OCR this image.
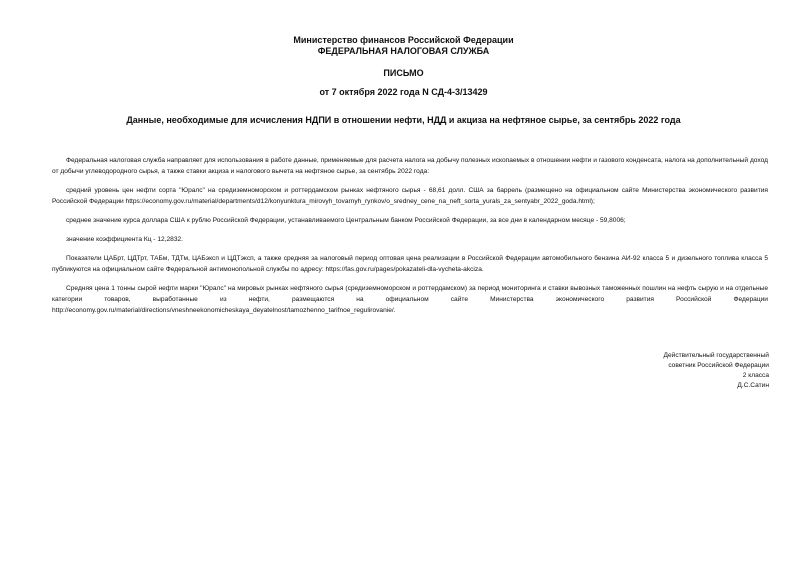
Министерство финансов Российской Федерации
ФЕДЕРАЛЬНАЯ НАЛОГОВАЯ СЛУЖБА
ПИСЬМО
от 7 октября 2022 года N СД-4-3/13429
Данные, необходимые для исчисления НДПИ в отношении нефти, НДД и акциза на нефтяное сырье, за сентябрь 2022 года

Федеральная налоговая служба направляет для использования в работе данные, применяемые для расчета налога на добычу полезных ископаемых в отношении нефти и газового конденсата, налога на дополнительный доход от добычи углеводородного сырья, а также ставки акциза и налогового вычета на нефтяное сырье, за сентябрь 2022 года:

средний уровень цен нефти сорта "Юралс" на средиземноморском и роттердамском рынках нефтяного сырья - 68,61 долл. США за баррель (размещено на официальном сайте Министерства экономического развития Российской Федерации https://economy.gov.ru/material/departments/d12/konyunktura_mirovyh_tovarnyh_rynkov/o_sredney_cene_na_neft_sorta_yurals_za_sentyabr_2022_goda.html);

среднее значение курса доллара США к рублю Российской Федерации, устанавливаемого Центральным банком Российской Федерации, за все дни в календарном месяце - 59,8006;

значение коэффициента Кц - 12,2832.

Показатели ЦАБрт, ЦДТрт, ТАБм, ТДТм, ЦАБэксп и ЦДТэксп, а также средняя за налоговый период оптовая цена реализации в Российской Федерации автомобильного бензина АИ-92 класса 5 и дизельного топлива класса 5 публикуются на официальном сайте Федеральной антимонопольной службы по адресу: https://fas.gov.ru/pages/pokazateli-dla-vycheta-akciza.

Средняя цена 1 тонны сырой нефти марки "Юралс" на мировых рынках нефтяного сырья (средиземноморском и роттердамском) за период мониторинга и ставки вывозных таможенных пошлин на нефть сырую и на отдельные категории товаров, выработанные из нефти, размещаются на официальном сайте Министерства экономического развития Российской Федерации http://economy.gov.ru/material/directions/vneshneekonomicheskaya_deyatelnost/tamozhenno_tarifnoe_regulirovanie/.

Действительный государственный
советник Российской Федерации
2 класса
Д.С.Сатин
